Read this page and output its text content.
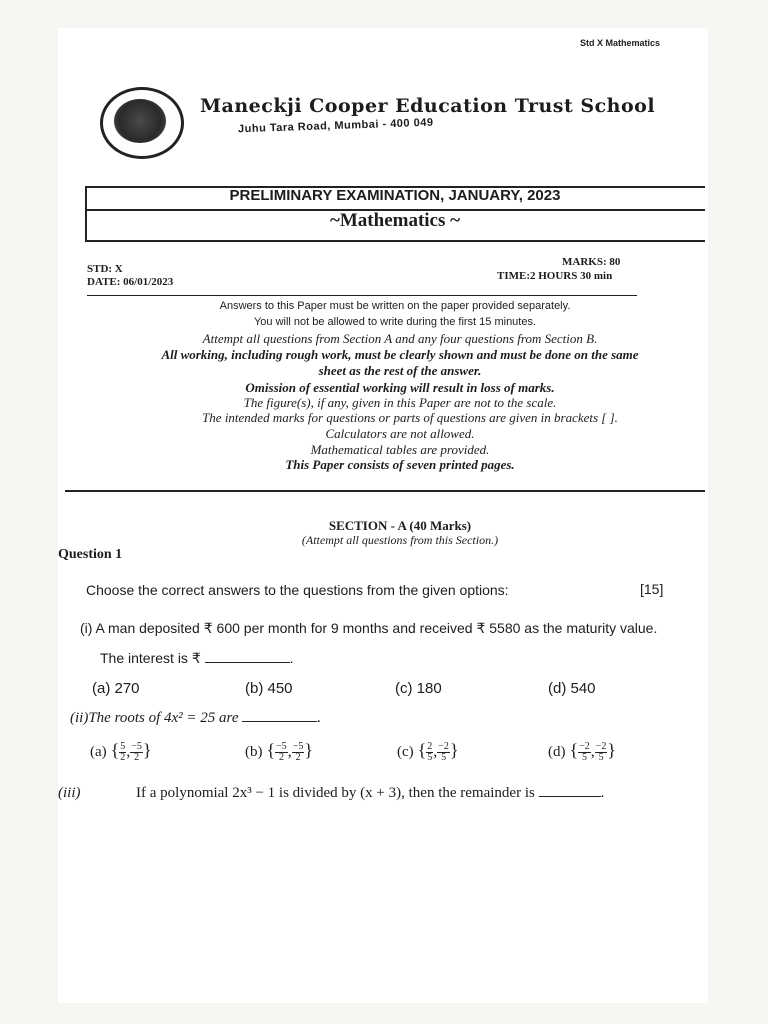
Std X Mathematics
Maneckji Cooper Education Trust School
Juhu Tara Road, Mumbai - 400 049
PRELIMINARY EXAMINATION, JANUARY, 2023
~Mathematics ~
STD: X
DATE: 06/01/2023
MARKS: 80
TIME:2 HOURS 30 min
Answers to this Paper must be written on the paper provided separately.
You will not be allowed to write during the first 15 minutes.
Attempt all questions from Section A and any four questions from Section B.
All working, including rough work, must be clearly shown and must be done on the same
sheet as the rest of the answer.
Omission of essential working will result in loss of marks.
The figure(s), if any, given in this Paper are not to the scale.
The intended marks for questions or parts of questions are given in brackets [ ].
Calculators are not allowed.
Mathematical tables are provided.
This Paper consists of seven printed pages.
SECTION - A (40 Marks)
(Attempt all questions from this Section.)
Question 1
Choose the correct answers to the questions from the given options:	[15]
(i) A man deposited ₹ 600 per month for 9 months and received ₹ 5580 as the maturity value.
The interest is ₹	.
(a) 270	(b) 450	(c) 180	(d) 540
(ii)The roots of 4x² = 25 are	.
(a) { $\frac{5}{2}$ , $\frac{-5}{2}$ }	(b) { $\frac{-5}{2}$ , $\frac{-5}{2}$ }	(c) { $\frac{2}{5}$ , $\frac{-2}{5}$ }	(d) { $\frac{-2}{5}$ , $\frac{-2}{5}$ }
(iii)	If a polynomial 2x³ − 1 is divided by (x + 3), then the remainder is	.
